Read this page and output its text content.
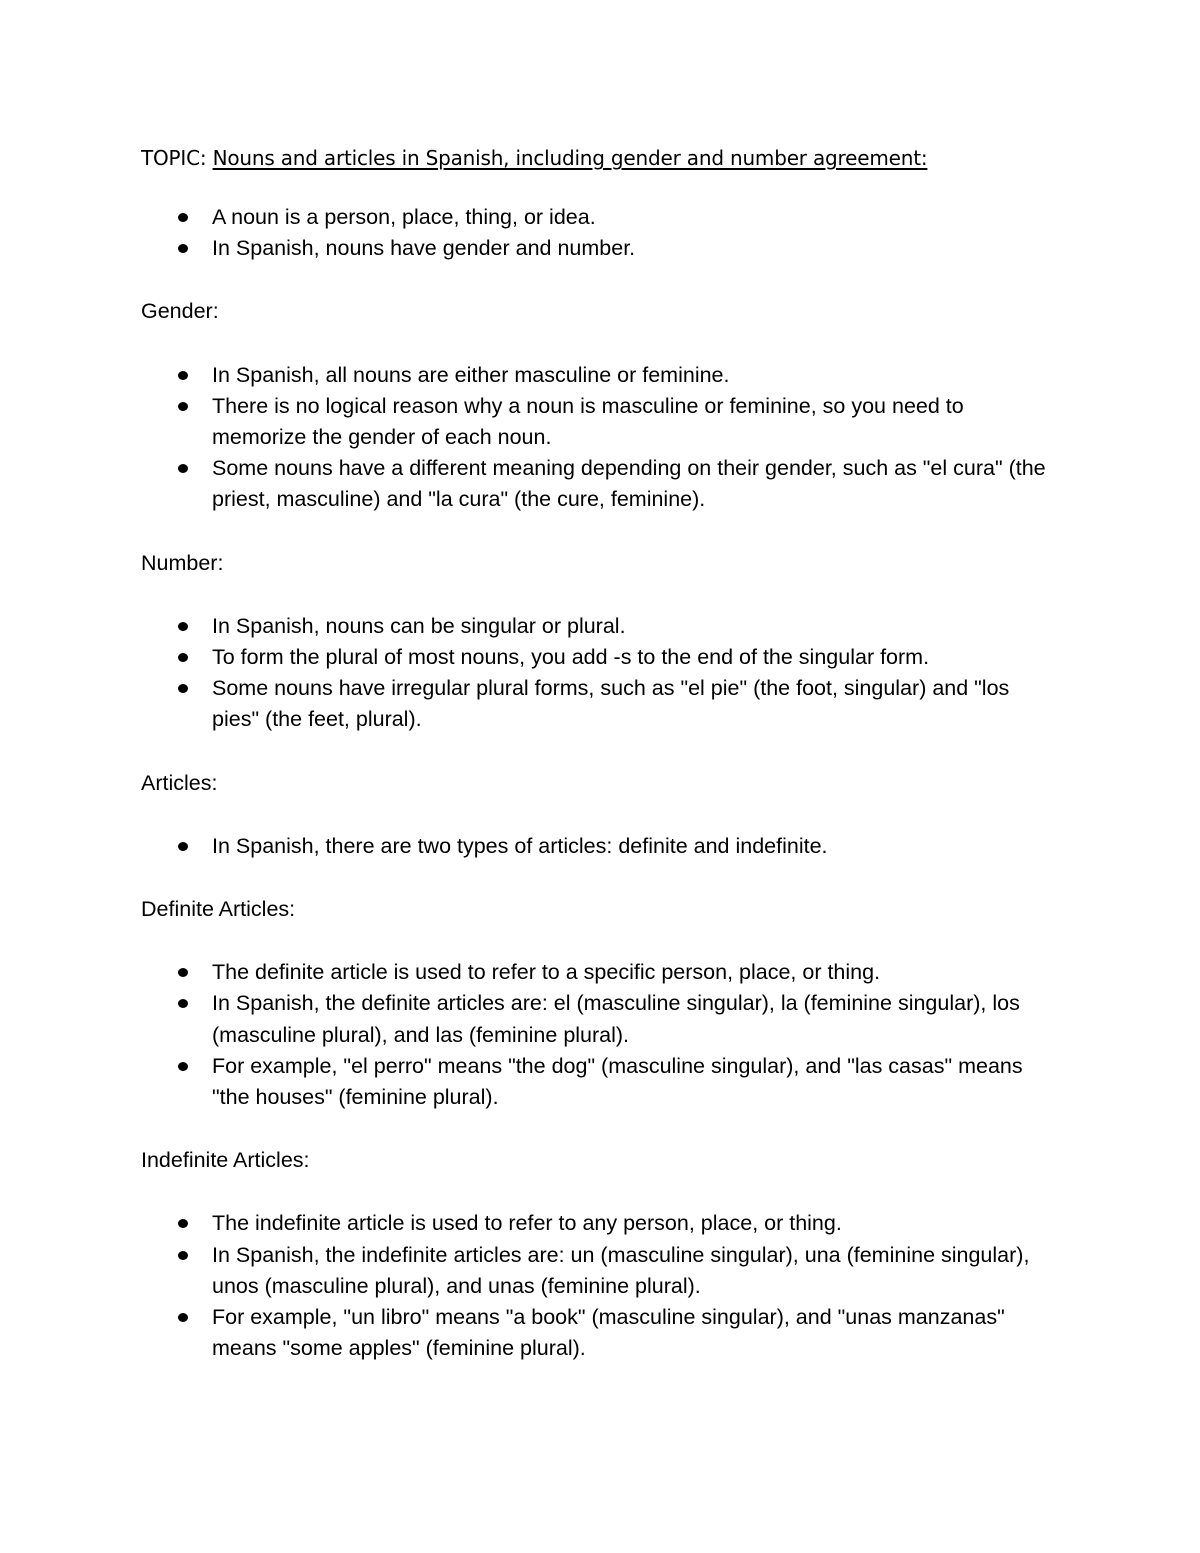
TOPIC: Nouns and articles in Spanish, including gender and number agreement:

A noun is a person, place, thing, or idea.
In Spanish, nouns have gender and number.

Gender:

In Spanish, all nouns are either masculine or feminine.
There is no logical reason why a noun is masculine or feminine, so you need to memorize the gender of each noun.
Some nouns have a different meaning depending on their gender, such as "el cura" (the priest, masculine) and "la cura" (the cure, feminine).

Number:

In Spanish, nouns can be singular or plural.
To form the plural of most nouns, you add -s to the end of the singular form.
Some nouns have irregular plural forms, such as "el pie" (the foot, singular) and "los pies" (the feet, plural).

Articles:

In Spanish, there are two types of articles: definite and indefinite.

Definite Articles:

The definite article is used to refer to a specific person, place, or thing.
In Spanish, the definite articles are: el (masculine singular), la (feminine singular), los (masculine plural), and las (feminine plural).
For example, "el perro" means "the dog" (masculine singular), and "las casas" means "the houses" (feminine plural).

Indefinite Articles:

The indefinite article is used to refer to any person, place, or thing.
In Spanish, the indefinite articles are: un (masculine singular), una (feminine singular), unos (masculine plural), and unas (feminine plural).
For example, "un libro" means "a book" (masculine singular), and "unas manzanas" means "some apples" (feminine plural).
